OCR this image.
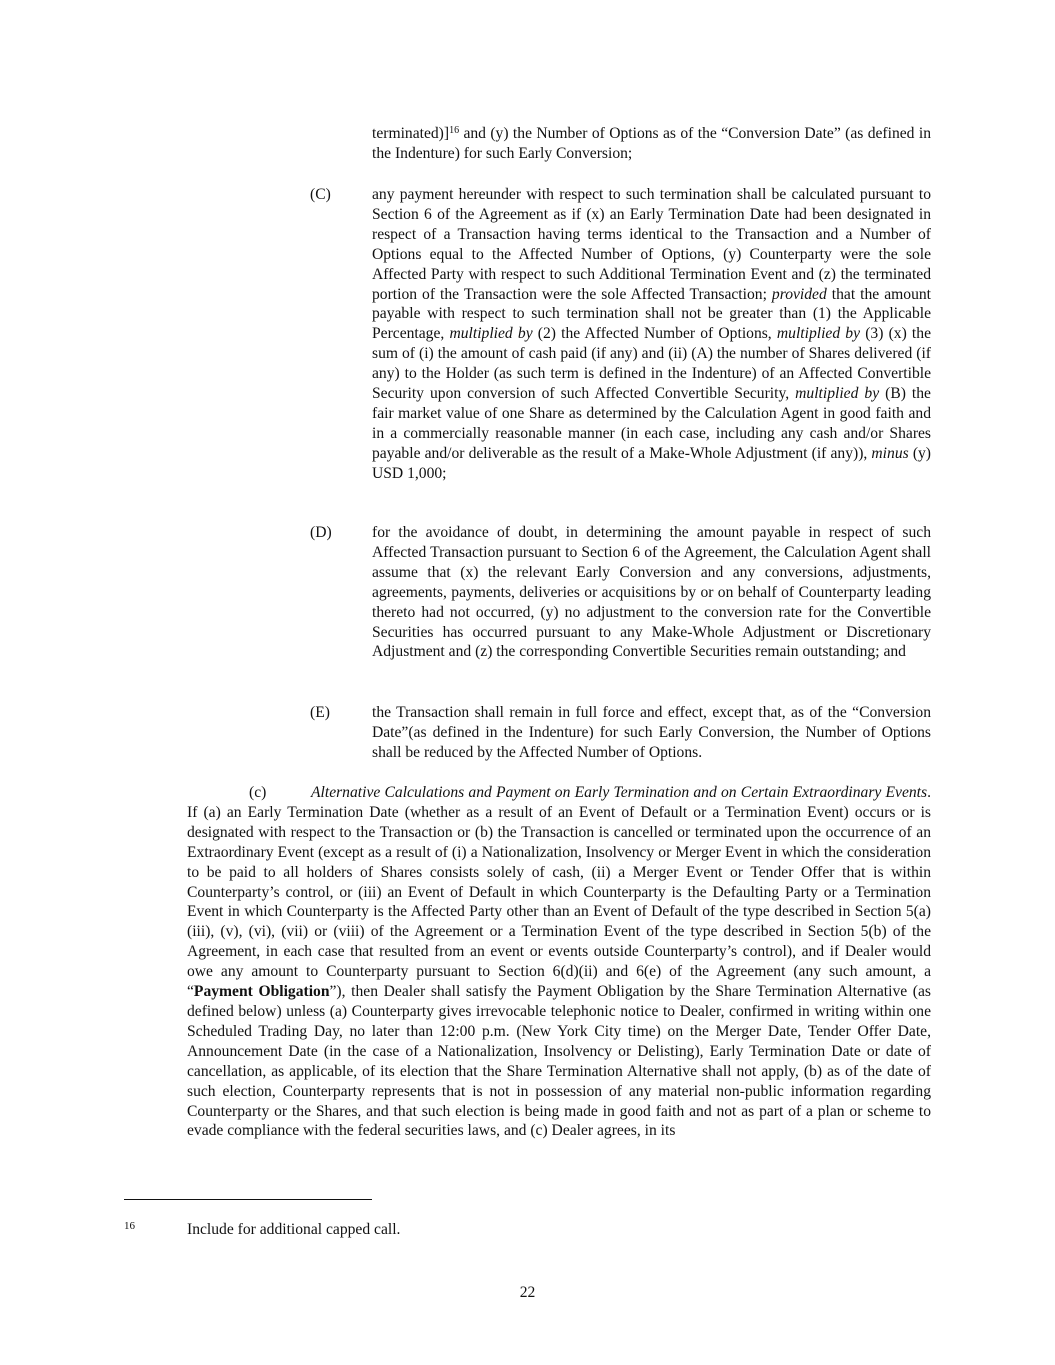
terminated)]$^{16}$ and (y) the Number of Options as of the “Conversion Date” (as defined in the Indenture) for such Early Conversion;
(C)	any payment hereunder with respect to such termination shall be calculated pursuant to Section 6 of the Agreement as if (x) an Early Termination Date had been designated in respect of a Transaction having terms identical to the Transaction and a Number of Options equal to the Affected Number of Options, (y) Counterparty were the sole Affected Party with respect to such Additional Termination Event and (z) the terminated portion of the Transaction were the sole Affected Transaction; provided that the amount payable with respect to such termination shall not be greater than (1) the Applicable Percentage, multiplied by (2) the Affected Number of Options, multiplied by (3) (x) the sum of (i) the amount of cash paid (if any) and (ii) (A) the number of Shares delivered (if any) to the Holder (as such term is defined in the Indenture) of an Affected Convertible Security upon conversion of such Affected Convertible Security, multiplied by (B) the fair market value of one Share as determined by the Calculation Agent in good faith and in a commercially reasonable manner (in each case, including any cash and/or Shares payable and/or deliverable as the result of a Make-Whole Adjustment (if any)), minus (y) USD 1,000;
(D)	for the avoidance of doubt, in determining the amount payable in respect of such Affected Transaction pursuant to Section 6 of the Agreement, the Calculation Agent shall assume that (x) the relevant Early Conversion and any conversions, adjustments, agreements, payments, deliveries or acquisitions by or on behalf of Counterparty leading thereto had not occurred, (y) no adjustment to the conversion rate for the Convertible Securities has occurred pursuant to any Make-Whole Adjustment or Discretionary Adjustment and (z) the corresponding Convertible Securities remain outstanding; and
(E)	the Transaction shall remain in full force and effect, except that, as of the “Conversion Date”(as defined in the Indenture) for such Early Conversion, the Number of Options shall be reduced by the Affected Number of Options.
(c)	Alternative Calculations and Payment on Early Termination and on Certain Extraordinary Events. If (a) an Early Termination Date (whether as a result of an Event of Default or a Termination Event) occurs or is designated with respect to the Transaction or (b) the Transaction is cancelled or terminated upon the occurrence of an Extraordinary Event (except as a result of (i) a Nationalization, Insolvency or Merger Event in which the consideration to be paid to all holders of Shares consists solely of cash, (ii) a Merger Event or Tender Offer that is within Counterparty’s control, or (iii) an Event of Default in which Counterparty is the Defaulting Party or a Termination Event in which Counterparty is the Affected Party other than an Event of Default of the type described in Section 5(a)(iii), (v), (vi), (vii) or (viii) of the Agreement or a Termination Event of the type described in Section 5(b) of the Agreement, in each case that resulted from an event or events outside Counterparty’s control), and if Dealer would owe any amount to Counterparty pursuant to Section 6(d)(ii) and 6(e) of the Agreement (any such amount, a “Payment Obligation”), then Dealer shall satisfy the Payment Obligation by the Share Termination Alternative (as defined below) unless (a) Counterparty gives irrevocable telephonic notice to Dealer, confirmed in writing within one Scheduled Trading Day, no later than 12:00 p.m. (New York City time) on the Merger Date, Tender Offer Date, Announcement Date (in the case of a Nationalization, Insolvency or Delisting), Early Termination Date or date of cancellation, as applicable, of its election that the Share Termination Alternative shall not apply, (b) as of the date of such election, Counterparty represents that is not in possession of any material non-public information regarding Counterparty or the Shares, and that such election is being made in good faith and not as part of a plan or scheme to evade compliance with the federal securities laws, and (c) Dealer agrees, in its
16	Include for additional capped call.
22
